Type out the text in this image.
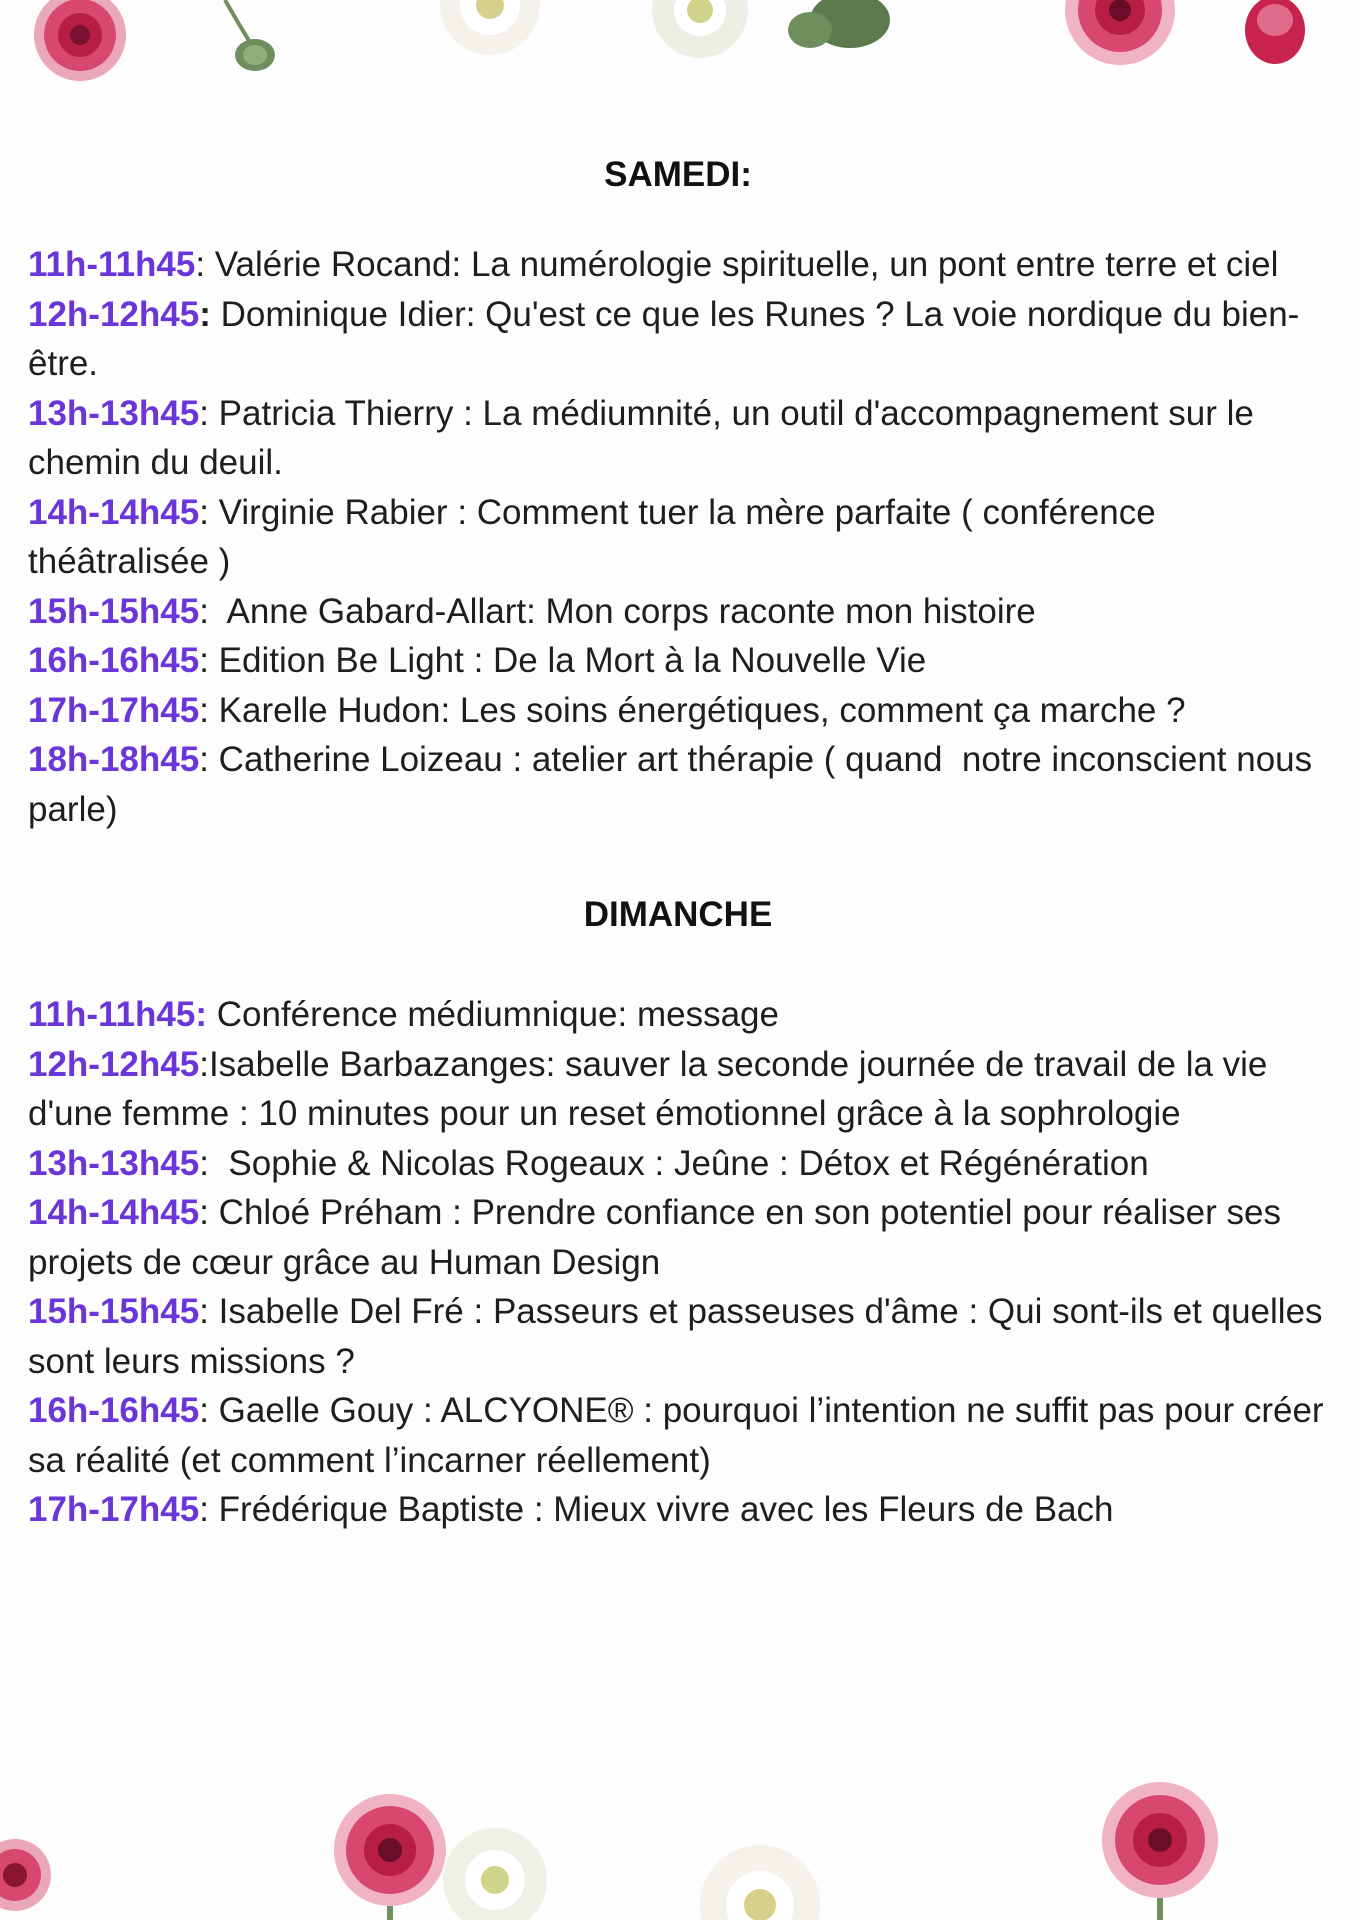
SAMEDI:

11h-11h45: Valérie Rocand: La numérologie spirituelle, un pont entre terre et ciel

12h-12h45: Dominique Idier: Qu'est ce que les Runes ? La voie nordique du bien-être.

13h-13h45: Patricia Thierry : La médiumnité, un outil d'accompagnement sur le chemin du deuil.

14h-14h45: Virginie Rabier : Comment tuer la mère parfaite ( conférence théâtralisée )

15h-15h45:  Anne Gabard-Allart: Mon corps raconte mon histoire

16h-16h45: Edition Be Light : De la Mort à la Nouvelle Vie

17h-17h45: Karelle Hudon: Les soins énergétiques, comment ça marche ?

18h-18h45: Catherine Loizeau : atelier art thérapie ( quand  notre inconscient nous parle)

DIMANCHE

11h-11h45: Conférence médiumnique: message

12h-12h45:Isabelle Barbazanges: sauver la seconde journée de travail de la vie d'une femme : 10 minutes pour un reset émotionnel grâce à la sophrologie

13h-13h45:  Sophie & Nicolas Rogeaux : Jeûne : Détox et Régénération

14h-14h45: Chloé Préham : Prendre confiance en son potentiel pour réaliser ses projets de cœur grâce au Human Design

15h-15h45: Isabelle Del Fré : Passeurs et passeuses d'âme : Qui sont-ils et quelles sont leurs missions ?

16h-16h45: Gaelle Gouy : ALCYONE® : pourquoi l’intention ne suffit pas pour créer sa réalité (et comment l’incarner réellement)

17h-17h45: Frédérique Baptiste : Mieux vivre avec les Fleurs de Bach
